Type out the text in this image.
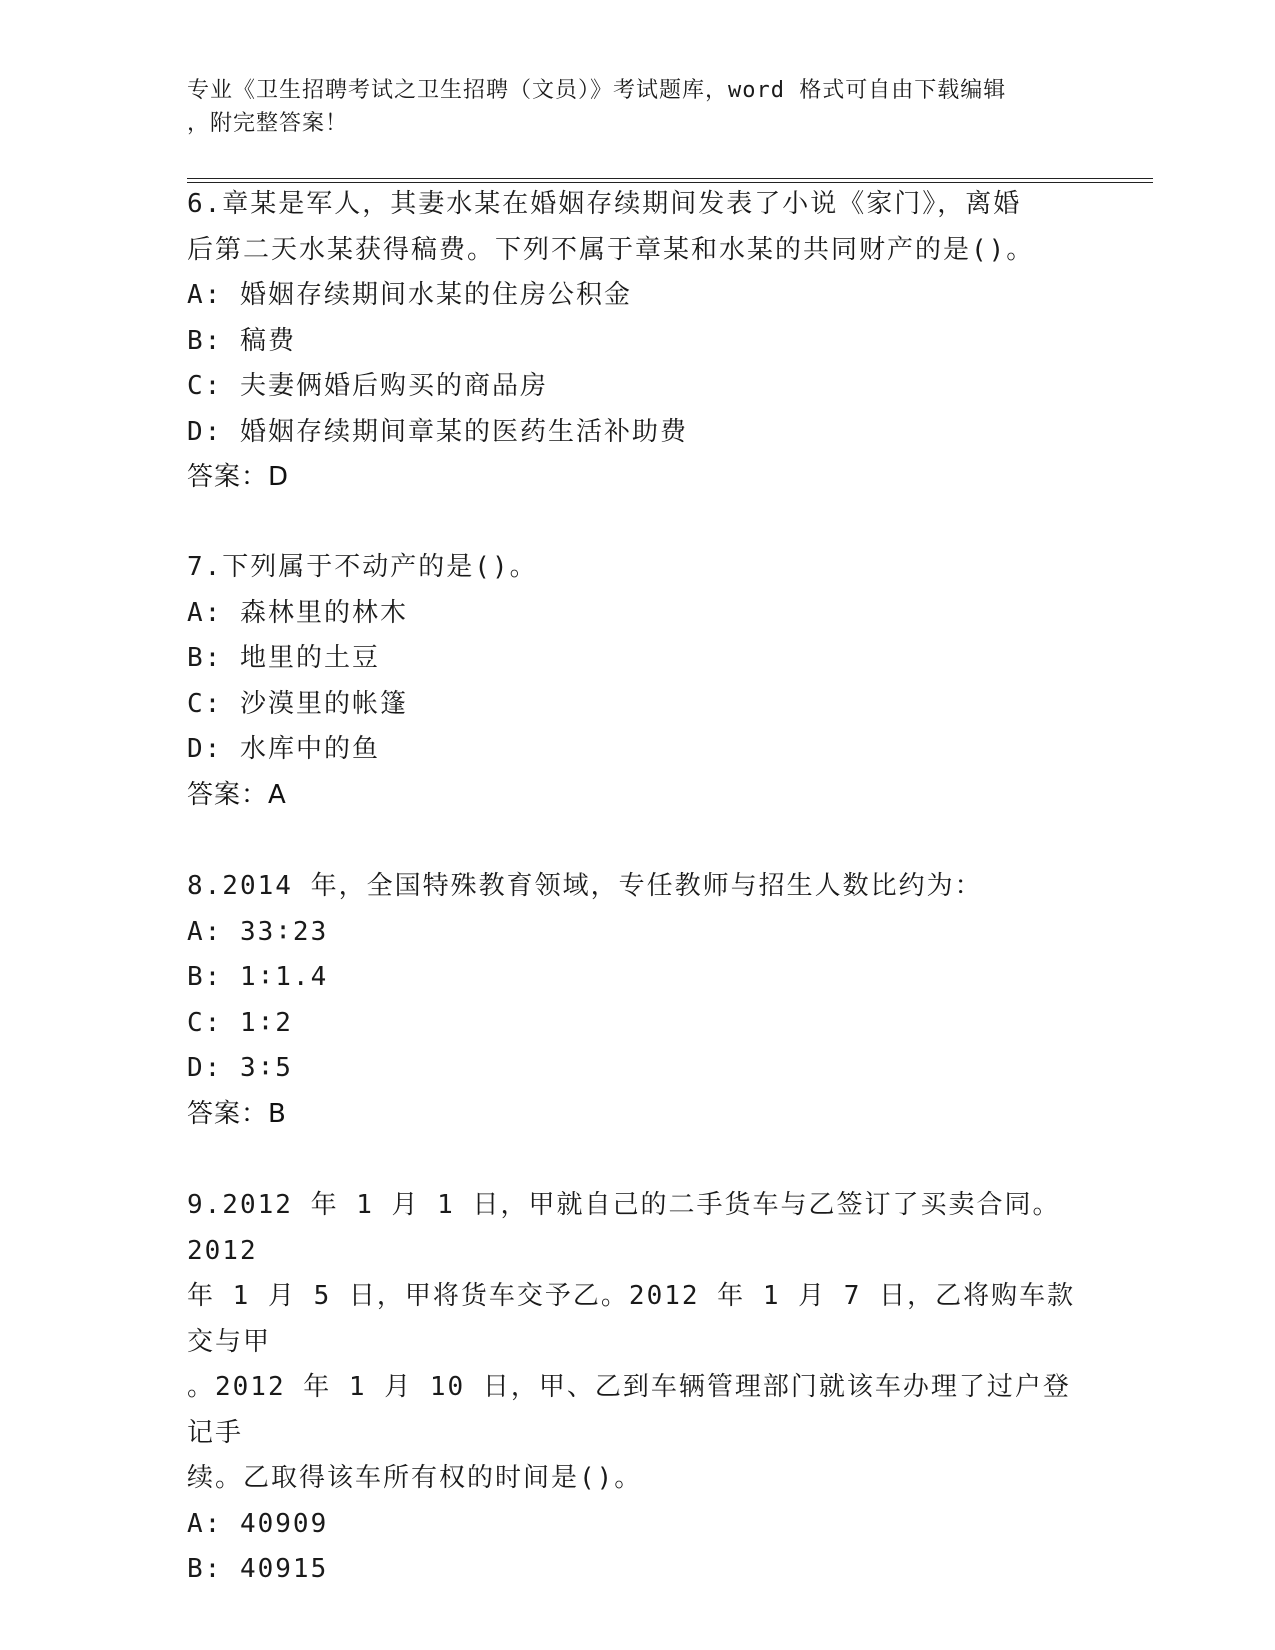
专业《卫生招聘考试之卫生招聘（文员）》考试题库，word 格式可自由下载编辑
，附完整答案！
6.章某是军人，其妻水某在婚姻存续期间发表了小说《家门》，离婚
后第二天水某获得稿费。下列不属于章某和水某的共同财产的是()。
A: 婚姻存续期间水某的住房公积金
B: 稿费
C: 夫妻俩婚后购买的商品房
D: 婚姻存续期间章某的医药生活补助费
答案：D
7.下列属于不动产的是()。
A: 森林里的林木
B: 地里的土豆
C: 沙漠里的帐篷
D: 水库中的鱼
答案：A
8.2014 年，全国特殊教育领域，专任教师与招生人数比约为：
A: 33∶23
B: 1∶1.4
C: 1∶2
D: 3∶5
答案：B
9.2012 年 1 月 1 日，甲就自己的二手货车与乙签订了买卖合同。2012
年 1 月 5 日，甲将货车交予乙。2012 年 1 月 7 日，乙将购车款交与甲
。2012 年 1 月 10 日，甲、乙到车辆管理部门就该车办理了过户登记手
续。乙取得该车所有权的时间是()。
A: 40909
B: 40915
